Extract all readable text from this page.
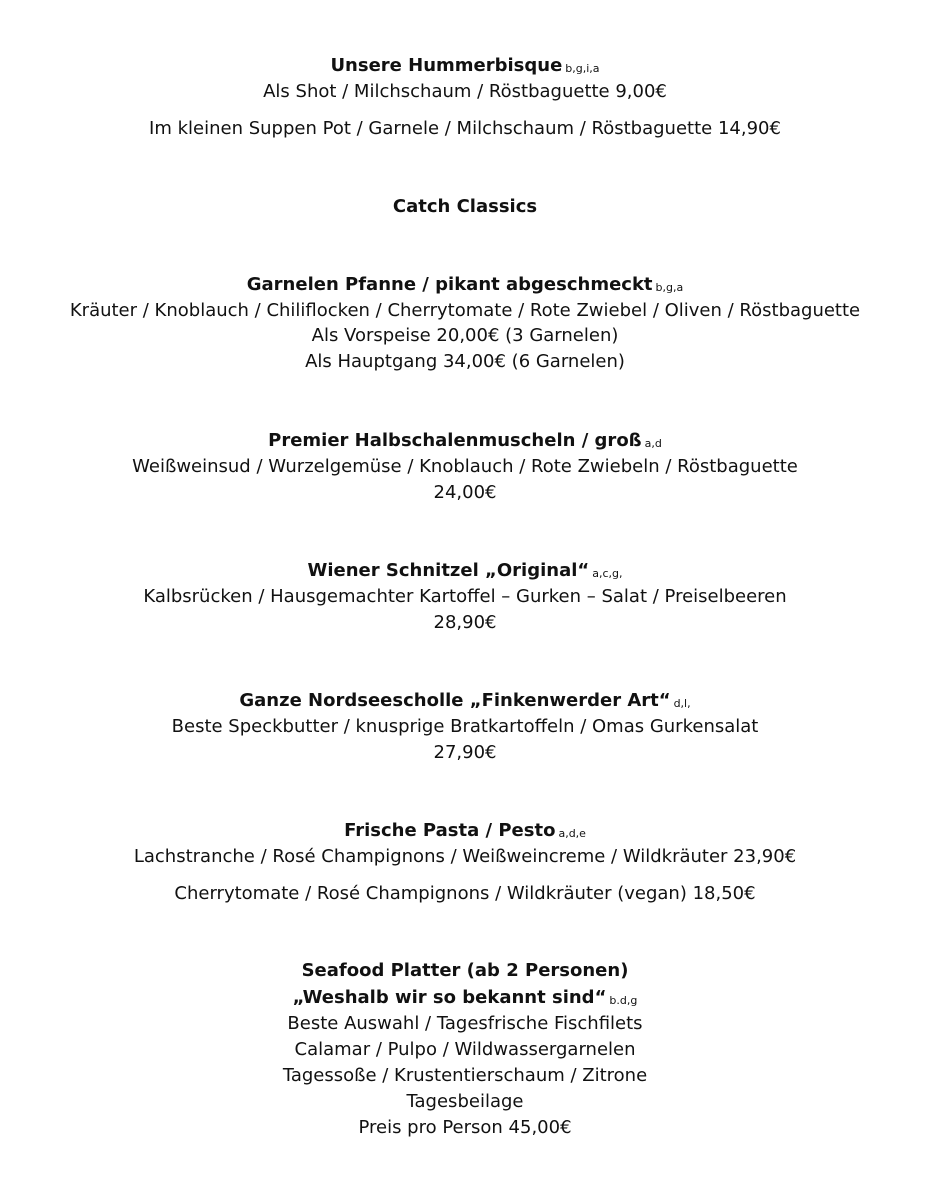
Unsere Hummerbisque b,g,i,a
Als Shot / Milchschaum / Röstbaguette 9,00€
Im kleinen Suppen Pot / Garnele / Milchschaum / Röstbaguette 14,90€
Catch Classics
Garnelen Pfanne / pikant abgeschmeckt b,g,a
Kräuter / Knoblauch / Chiliflocken / Cherrytomate / Rote Zwiebel / Oliven / Röstbaguette
Als Vorspeise 20,00€ (3 Garnelen)
Als Hauptgang 34,00€ (6 Garnelen)
Premier Halbschalenmuscheln / groß a,d
Weißweinsud / Wurzelgemüse / Knoblauch / Rote Zwiebeln / Röstbaguette
24,00€
Wiener Schnitzel „Original“ a,c,g,
Kalbsrücken / Hausgemachter Kartoffel – Gurken – Salat / Preiselbeeren
28,90€
Ganze Nordseescholle „Finkenwerder Art“ d,l,
Beste Speckbutter / knusprige Bratkartoffeln / Omas Gurkensalat
27,90€
Frische Pasta / Pesto a,d,e
Lachstranche / Rosé Champignons / Weißweincreme / Wildkräuter 23,90€
Cherrytomate / Rosé Champignons / Wildkräuter (vegan) 18,50€
Seafood Platter (ab 2 Personen)
„Weshalb wir so bekannt sind“ b.d,g
Beste Auswahl / Tagesfrische Fischfilets
Calamar / Pulpo / Wildwassergarnelen
Tagessoße / Krustentierschaum / Zitrone
Tagesbeilage
Preis pro Person 45,00€
